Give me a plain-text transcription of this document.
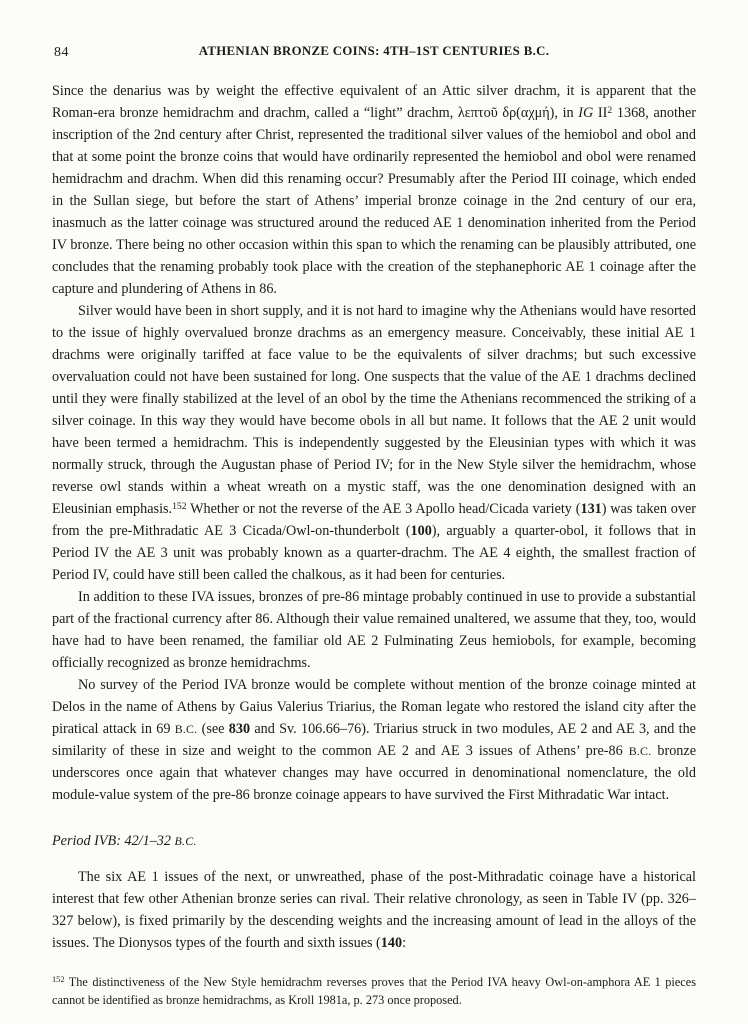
84	ATHENIAN BRONZE COINS: 4TH–1ST CENTURIES B.C.

Since the denarius was by weight the effective equivalent of an Attic silver drachm, it is apparent that the Roman-era bronze hemidrachm and drachm, called a “light” drachm, λεπτοῦ δρ(αχμή), in IG $II^2$ 1368, another inscription of the 2nd century after Christ, represented the traditional silver values of the hemiobol and obol and that at some point the bronze coins that would have ordinarily represented the hemiobol and obol were renamed hemidrachm and drachm. When did this renaming occur? Presumably after the Period III coinage, which ended in the Sullan siege, but before the start of Athens’ imperial bronze coinage in the 2nd century of our era, inasmuch as the latter coinage was structured around the reduced AE 1 denomination inherited from the Period IV bronze. There being no other occasion within this span to which the renaming can be plausibly attributed, one concludes that the renaming probably took place with the creation of the stephanephoric AE 1 coinage after the capture and plundering of Athens in 86.

Silver would have been in short supply, and it is not hard to imagine why the Athenians would have resorted to the issue of highly overvalued bronze drachms as an emergency measure. Conceivably, these initial AE 1 drachms were originally tariffed at face value to be the equivalents of silver drachms; but such excessive overvaluation could not have been sustained for long. One suspects that the value of the AE 1 drachms declined until they were finally stabilized at the level of an obol by the time the Athenians recommenced the striking of a silver coinage. In this way they would have become obols in all but name. It follows that the AE 2 unit would have been termed a hemidrachm. This is independently suggested by the Eleusinian types with which it was normally struck, through the Augustan phase of Period IV; for in the New Style silver the hemidrachm, whose reverse owl stands within a wheat wreath on a mystic staff, was the one denomination designed with an Eleusinian emphasis.$^{152}$ Whether or not the reverse of the AE 3 Apollo head/Cicada variety (131) was taken over from the pre-Mithradatic AE 3 Cicada/Owl-on-thunderbolt (100), arguably a quarter-obol, it follows that in Period IV the AE 3 unit was probably known as a quarter-drachm. The AE 4 eighth, the smallest fraction of Period IV, could have still been called the chalkous, as it had been for centuries.

In addition to these IVA issues, bronzes of pre-86 mintage probably continued in use to provide a substantial part of the fractional currency after 86. Although their value remained unaltered, we assume that they, too, would have had to have been renamed, the familiar old AE 2 Fulminating Zeus hemiobols, for example, becoming officially recognized as bronze hemidrachms.

No survey of the Period IVA bronze would be complete without mention of the bronze coinage minted at Delos in the name of Athens by Gaius Valerius Triarius, the Roman legate who restored the island city after the piratical attack in 69 B.C. (see 830 and Sv. 106.66–76). Triarius struck in two modules, AE 2 and AE 3, and the similarity of these in size and weight to the common AE 2 and AE 3 issues of Athens’ pre-86 B.C. bronze underscores once again that whatever changes may have occurred in denominational nomenclature, the old module-value system of the pre-86 bronze coinage appears to have survived the First Mithradatic War intact.

Period IVB: 42/1–32 B.C.

The six AE 1 issues of the next, or unwreathed, phase of the post-Mithradatic coinage have a historical interest that few other Athenian bronze series can rival. Their relative chronology, as seen in Table IV (pp. 326–327 below), is fixed primarily by the descending weights and the increasing amount of lead in the alloys of the issues. The Dionysos types of the fourth and sixth issues (140:

$^{152}$ The distinctiveness of the New Style hemidrachm reverses proves that the Period IVA heavy Owl-on-amphora AE 1 pieces cannot be identified as bronze hemidrachms, as Kroll 1981a, p. 273 once proposed.
